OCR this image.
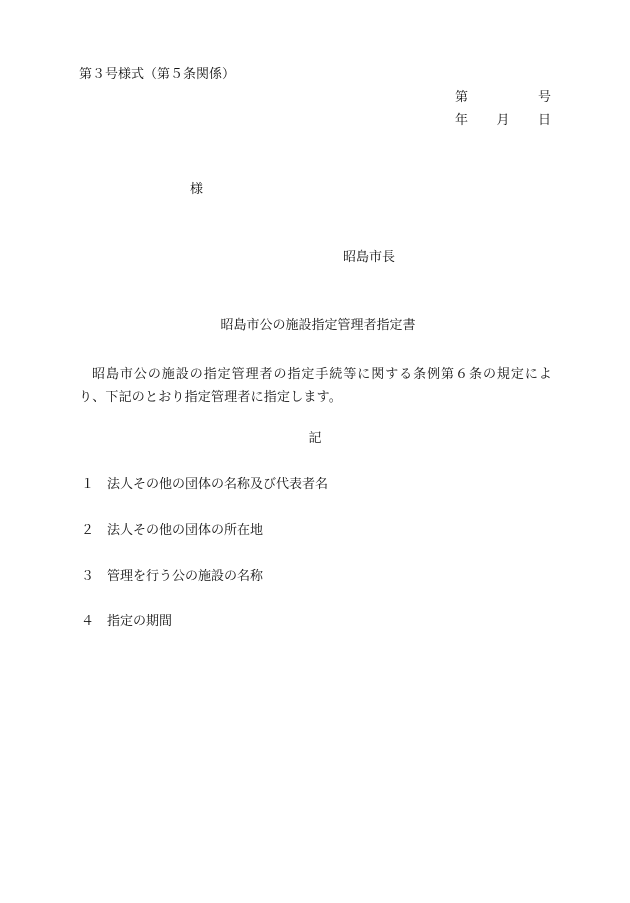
第３号様式（第５条関係）
第	号
年 月 日
様
昭島市長
昭島市公の施設指定管理者指定書
昭島市公の施設の指定管理者の指定手続等に関する条例第６条の規定により、下記のとおり指定管理者に指定します。
記
１ 法人その他の団体の名称及び代表者名
２ 法人その他の団体の所在地
３ 管理を行う公の施設の名称
４ 指定の期間
